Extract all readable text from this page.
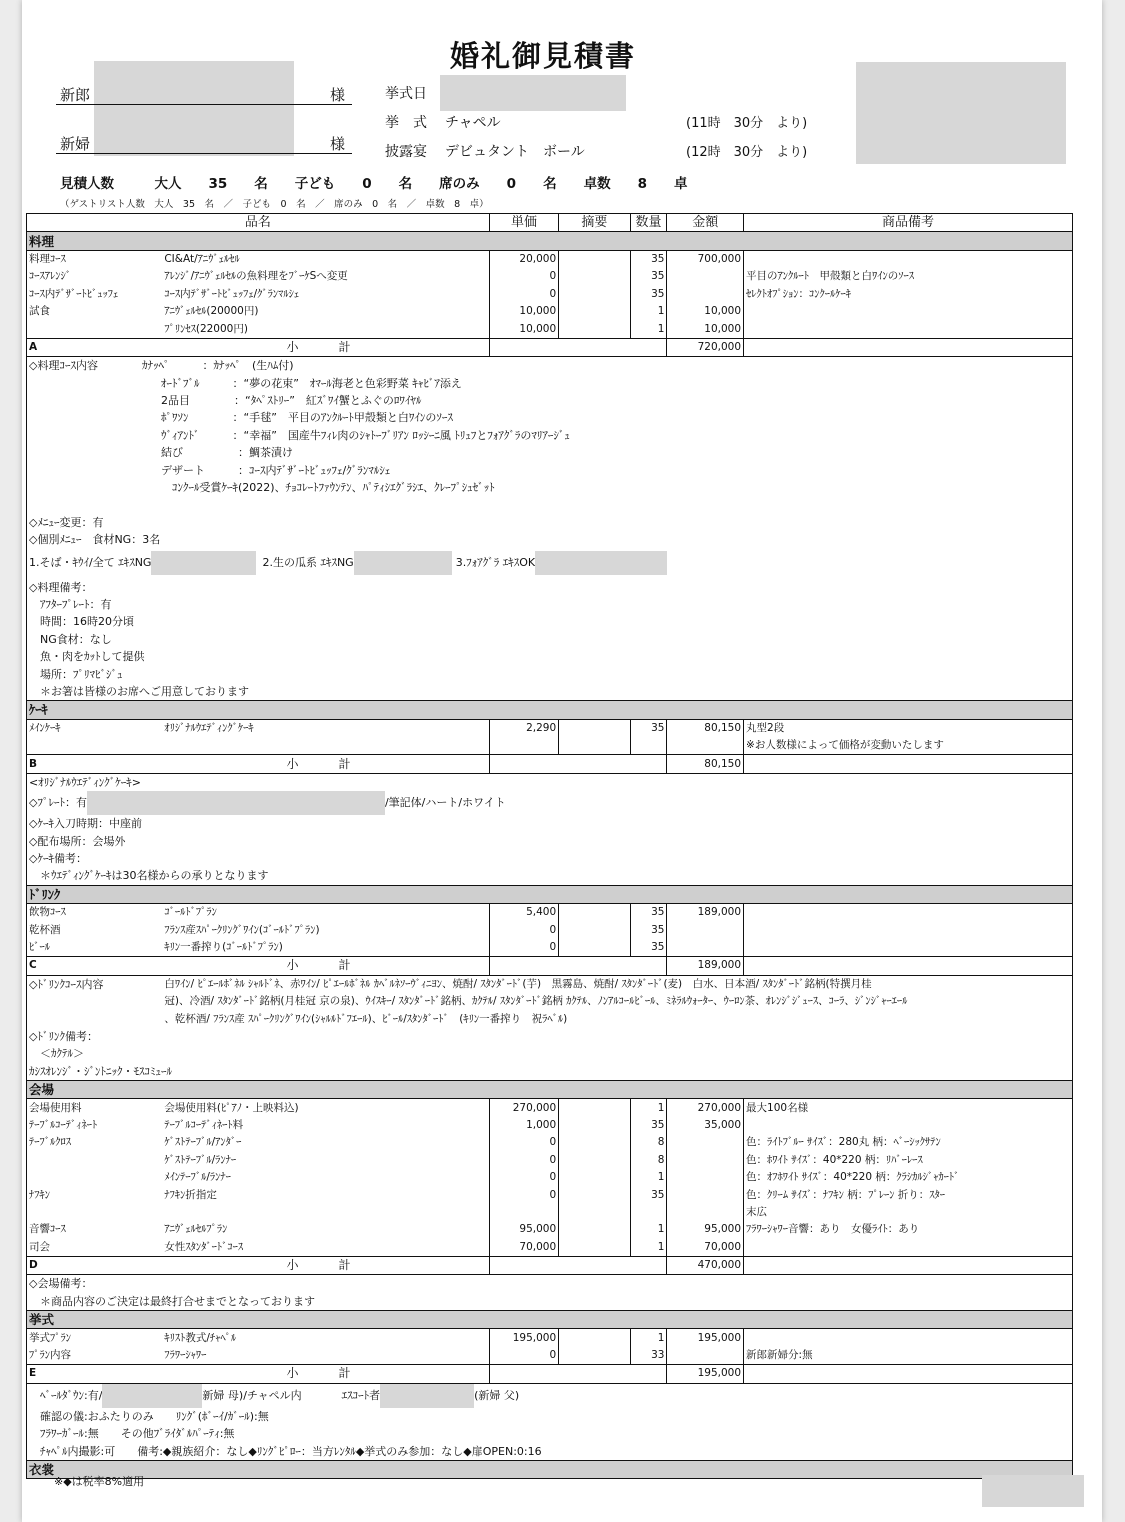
婚礼御見積書
新郎	様
新婦	様
挙式日
挙　式 チャペル	(11時　30分　より)
披露宴 デビュタント　ボール	(12時　30分　より)
見積人数　　　大人　　35　　名　　子ども　　0　　名　　席のみ　　0　　名　　卓数　　8　　卓
（ゲストリスト人数　大人　35　名　／　子ども　0　名　／　席のみ　0　名　／　卓数　8　卓）
品名		単価	摘要	数量	金額	商品備考
料理						
料理ｺｰｽ	CI&At/ｱﾆｳﾞｪﾙｾﾙ	20,000		35	700,000	
ｺｰｽｱﾚﾝｼﾞ	ｱﾚﾝｼﾞ/ｱﾆｳﾞｪﾙｾﾙの魚料理をﾌﾞｰｹSへ変更	0		35		平目のｱﾝｸﾙｰﾄ　甲殻類と白ﾜｲﾝのｿｰｽ
ｺｰｽ内ﾃﾞｻﾞｰﾄﾋﾞｭｯﾌｪ	ｺｰｽ内ﾃﾞｻﾞｰﾄﾋﾞｭｯﾌｪ/ｸﾞﾗﾝﾏﾙｼｪ	0		35		ｾﾚｸﾄｵﾌﾟｼｮﾝ：ｺﾝｸｰﾙｹｰｷ
試食	ｱﾆｳﾞｪﾙｾﾙ(20000円)	10,000		1	10,000	
	ﾌﾟﾘﾝｾｽ(22000円)	10,000		1	10,000	
A	小　計				720,000	
◇料理ｺｰｽ内容　　　　ｶﾅｯﾍﾟ　　　：ｶﾅｯﾍﾟ　(生ﾊﾑ付)						
　　　　　　　　　　　　ｵｰﾄﾞﾌﾞﾙ　　　：“夢の花束”　ｵﾏｰﾙ海老と色彩野菜 ｷｬﾋﾞｱ添え						
　　　　　　　　　　　　2品目　　　　：“ﾀﾍﾟｽﾄﾘｰ”　紅ｽﾞﾜｲ蟹とふぐのﾛﾜｲﾔﾙ						
　　　　　　　　　　　　ﾎﾟﾜｿﾝ　　　　：“手毬”　平目のｱﾝｸﾙｰﾄ甲殻類と白ﾜｲﾝのｿｰｽ						
　　　　　　　　　　　　ｳﾞｨｱﾝﾄﾞ　　　：“幸福”　国産牛ﾌｨﾚ肉のｼｬﾄｰﾌﾞﾘｱﾝ ﾛｯｼｰﾆ風 ﾄﾘｭﾌとﾌｫｱｸﾞﾗのﾏﾘｱｰｼﾞｭ						
　　　　　　　　　　　　結び　　　　　：鯛茶漬け						
　　　　　　　　　　　　デザート　　　：ｺｰｽ内ﾃﾞｻﾞｰﾄﾋﾞｭｯﾌｪ/ｸﾞﾗﾝﾏﾙｼｪ						
　　　　　　　　　　　　　ｺﾝｸｰﾙ受賞ｹｰｷ(2022)、ﾁｮｺﾚｰﾄﾌｧｳﾝﾃﾝ、ﾊﾟﾃｨｼｴｸﾞﾗｼｴ、ｸﾚｰﾌﾟｼｭｾﾞｯﾄ						

◇ﾒﾆｭｰ変更：有						
◇個別ﾒﾆｭｰ　食材NG：3名						
1.そば・ｷｳｲ/全て ｴｷｽNG 2.生の瓜系 ｴｷｽNG 3.ﾌｫｱｸﾞﾗ ｴｷｽOK						
◇料理備考：						
　ｱﾌﾀｰﾌﾟﾚｰﾄ：有						
　時間：16時20分頃						
　NG食材：なし						
　魚・肉をｶｯﾄして提供						
　場所：ﾌﾟﾘﾏﾋﾞｼﾞｭ						
　＊お箸は皆様のお席へご用意しております						
ｹｰｷ						
ﾒｲﾝｹｰｷ	ｵﾘｼﾞﾅﾙｳｴﾃﾞｨﾝｸﾞｹｰｷ	2,290		35	80,150	丸型2段
						※お人数様によって価格が変動いたします
B	小　計				80,150	
<ｵﾘｼﾞﾅﾙｳｴﾃﾞｨﾝｸﾞｹｰｷ>						
◇ﾌﾟﾚｰﾄ：有 /筆記体/ハート/ホワイト						
◇ｹｰｷ入刀時期：中座前						
◇配布場所：会場外						
◇ｹｰｷ備考：						
　＊ｳｴﾃﾞｨﾝｸﾞｹｰｷは30名様からの承りとなります						
ﾄﾞﾘﾝｸ						
飲物ｺｰｽ	ｺﾞｰﾙﾄﾞﾌﾟﾗﾝ	5,400		35	189,000	
乾杯酒	ﾌﾗﾝｽ産ｽﾊﾟｰｸﾘﾝｸﾞﾜｲﾝ(ｺﾞｰﾙﾄﾞﾌﾟﾗﾝ)	0		35		
ﾋﾞｰﾙ	ｷﾘﾝ一番搾り(ｺﾞｰﾙﾄﾞﾌﾟﾗﾝ)	0		35		
C	小　計				189,000	
◇ﾄﾞﾘﾝｸｺｰｽ内容	白ﾜｲﾝ/ ﾋﾟｴｰﾙﾎﾞﾈﾙ ｼｬﾙﾄﾞﾈ、赤ﾜｲﾝ/ ﾋﾟｴｰﾙﾎﾞﾈﾙ ｶﾍﾞﾙﾈｿｰｳﾞｨﾆﾖﾝ、焼酎/ ｽﾀﾝﾀﾞｰﾄﾞ(芋)　黒霧島、焼酎/ ｽﾀﾝﾀﾞｰﾄﾞ(麦)　白水、日本酒/ ｽﾀﾝﾀﾞｰﾄﾞ銘柄(特撰月桂					
	冠)、冷酒/ ｽﾀﾝﾀﾞｰﾄﾞ銘柄(月桂冠 京の泉)、ｳｲｽｷｰ/ ｽﾀﾝﾀﾞｰﾄﾞ銘柄、ｶｸﾃﾙ/ ｽﾀﾝﾀﾞｰﾄﾞ銘柄 ｶｸﾃﾙ、ﾉﾝｱﾙｺｰﾙﾋﾞｰﾙ、ﾐﾈﾗﾙｳｫｰﾀｰ、ｳｰﾛﾝ茶、ｵﾚﾝｼﾞｼﾞｭｰｽ、ｺｰﾗ、ｼﾞﾝｼﾞｬｰｴｰﾙ					
	、乾杯酒/ ﾌﾗﾝｽ産 ｽﾊﾟｰｸﾘﾝｸﾞﾜｲﾝ(ｼｬﾙﾙﾄﾞﾌｴｰﾙ)、ﾋﾞｰﾙ/ｽﾀﾝﾀﾞｰﾄﾞ　(ｷﾘﾝ一番搾り　祝ﾗﾍﾞﾙ)					
◇ﾄﾞﾘﾝｸ備考：						
　＜ｶｸﾃﾙ＞						
ｶｼｽｵﾚﾝｼﾞ・ｼﾞﾝﾄﾆｯｸ・ﾓｽｺﾐｭｰﾙ						
会場						
会場使用料	会場使用料(ﾋﾟｱﾉ・上映料込)	270,000		1	270,000	最大100名様
ﾃｰﾌﾞﾙｺｰﾃﾞｨﾈｰﾄ	ﾃｰﾌﾞﾙｺｰﾃﾞｨﾈｰﾄ料	1,000		35	35,000	
ﾃｰﾌﾞﾙｸﾛｽ	ｹﾞｽﾄﾃｰﾌﾞﾙ/ｱﾝﾀﾞｰ	0		8		色：ﾗｲﾄﾌﾞﾙｰ ｻｲｽﾞ：280丸 柄：ﾍﾞｰｼｯｸｻﾃﾝ
	ｹﾞｽﾄﾃｰﾌﾞﾙ/ﾗﾝﾅｰ	0		8		色：ﾎﾜｲﾄ ｻｲｽﾞ：40*220 柄：ﾘﾊﾞｰﾚｰｽ
	ﾒｲﾝﾃｰﾌﾞﾙ/ﾗﾝﾅｰ	0		1		色：ｵﾌﾎﾜｲﾄ ｻｲｽﾞ：40*220 柄：ｸﾗｼｶﾙｼﾞｬｶｰﾄﾞ
ﾅﾌｷﾝ	ﾅﾌｷﾝ折指定	0		35		色：ｸﾘｰﾑ ｻｲｽﾞ：ﾅﾌｷﾝ 柄：ﾌﾟﾚｰﾝ 折り：ｽﾀｰ
						末広
音響ｺｰｽ	ｱﾆｳﾞｪﾙｾﾙﾌﾟﾗﾝ	95,000		1	95,000	ﾌﾗﾜｰｼｬﾜｰ音響：あり　女優ﾗｲﾄ：あり
司会	女性ｽﾀﾝﾀﾞｰﾄﾞｺｰｽ	70,000		1	70,000	
D	小　計				470,000	
◇会場備考：						
　＊商品内容のご決定は最終打合せまでとなっております						
挙式						
挙式ﾌﾟﾗﾝ	ｷﾘｽﾄ教式/ﾁｬﾍﾟﾙ	195,000		1	195,000	
ﾌﾟﾗﾝ内容	ﾌﾗﾜｰｼｬﾜｰ	0		33		新郎新婦分:無
E	小　計				195,000	
　ﾍﾞｰﾙﾀﾞｳﾝ:有/ 新婦 母)/チャペル内 ｴｽｺｰﾄ者 (新婦 父)						
　確認の儀:おふたりのみ　　ﾘﾝｸﾞ(ﾎﾞｰｲ/ｶﾞｰﾙ):無						
　ﾌﾗﾜｰｶﾞｰﾙ:無　　その他ﾌﾞﾗｲﾀﾞﾙﾊﾟｰﾃｨ:無						
　ﾁｬﾍﾟﾙ内撮影:可　　備考:◆親族紹介：なし◆ﾘﾝｸﾞﾋﾟﾛｰ：当方ﾚﾝﾀﾙ◆挙式のみ参加：なし◆扉OPEN:0:16						
衣裳						
※◆は税率8%適用
